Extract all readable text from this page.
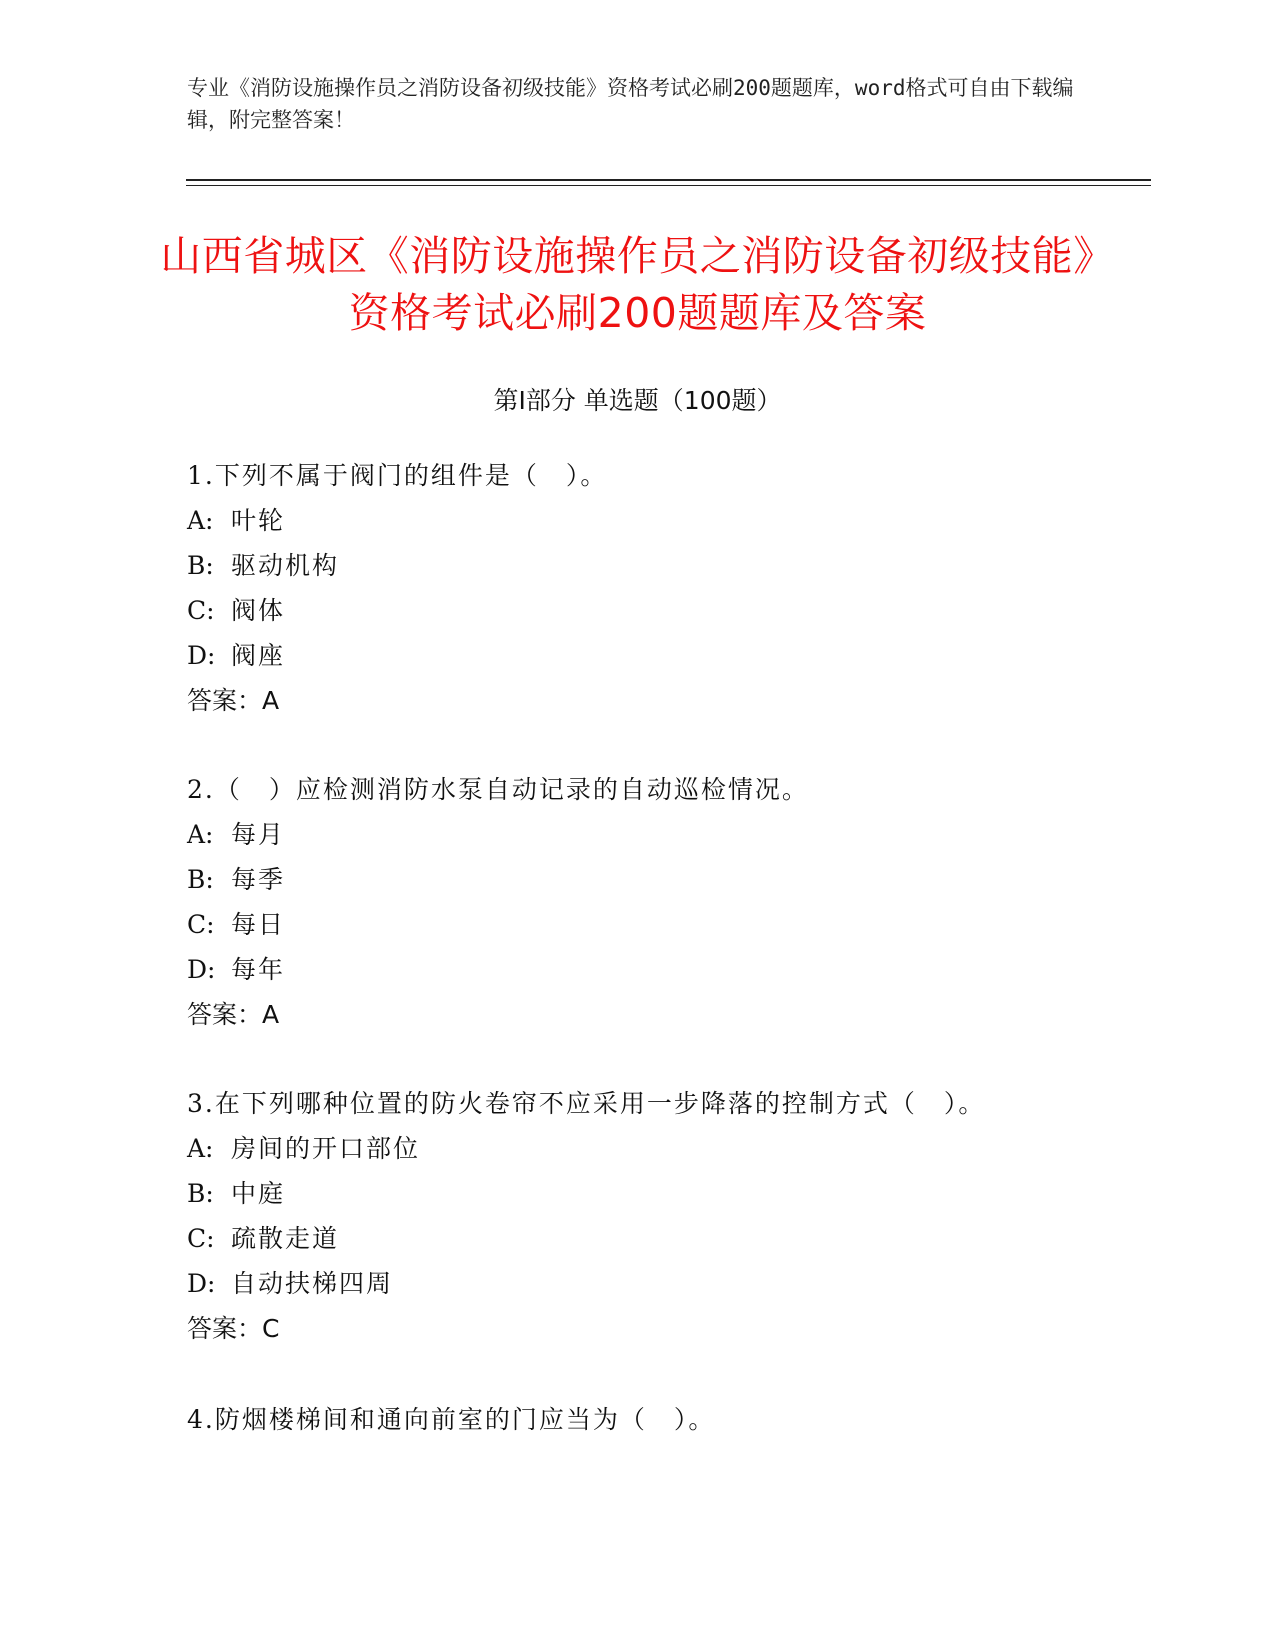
专业《消防设施操作员之消防设备初级技能》资格考试必刷200题题库，word格式可自由下载编辑，附完整答案！
山西省城区《消防设施操作员之消防设备初级技能》资格考试必刷200题题库及答案
第Ⅰ部分 单选题（100题）
1.下列不属于阀门的组件是（　）。
A: 叶轮
B: 驱动机构
C: 阀体
D: 阀座
答案：A
2.（　）应检测消防水泵自动记录的自动巡检情况。
A: 每月
B: 每季
C: 每日
D: 每年
答案：A
3.在下列哪种位置的防火卷帘不应采用一步降落的控制方式（　）。
A: 房间的开口部位
B: 中庭
C: 疏散走道
D: 自动扶梯四周
答案：C
4.防烟楼梯间和通向前室的门应当为（　）。
